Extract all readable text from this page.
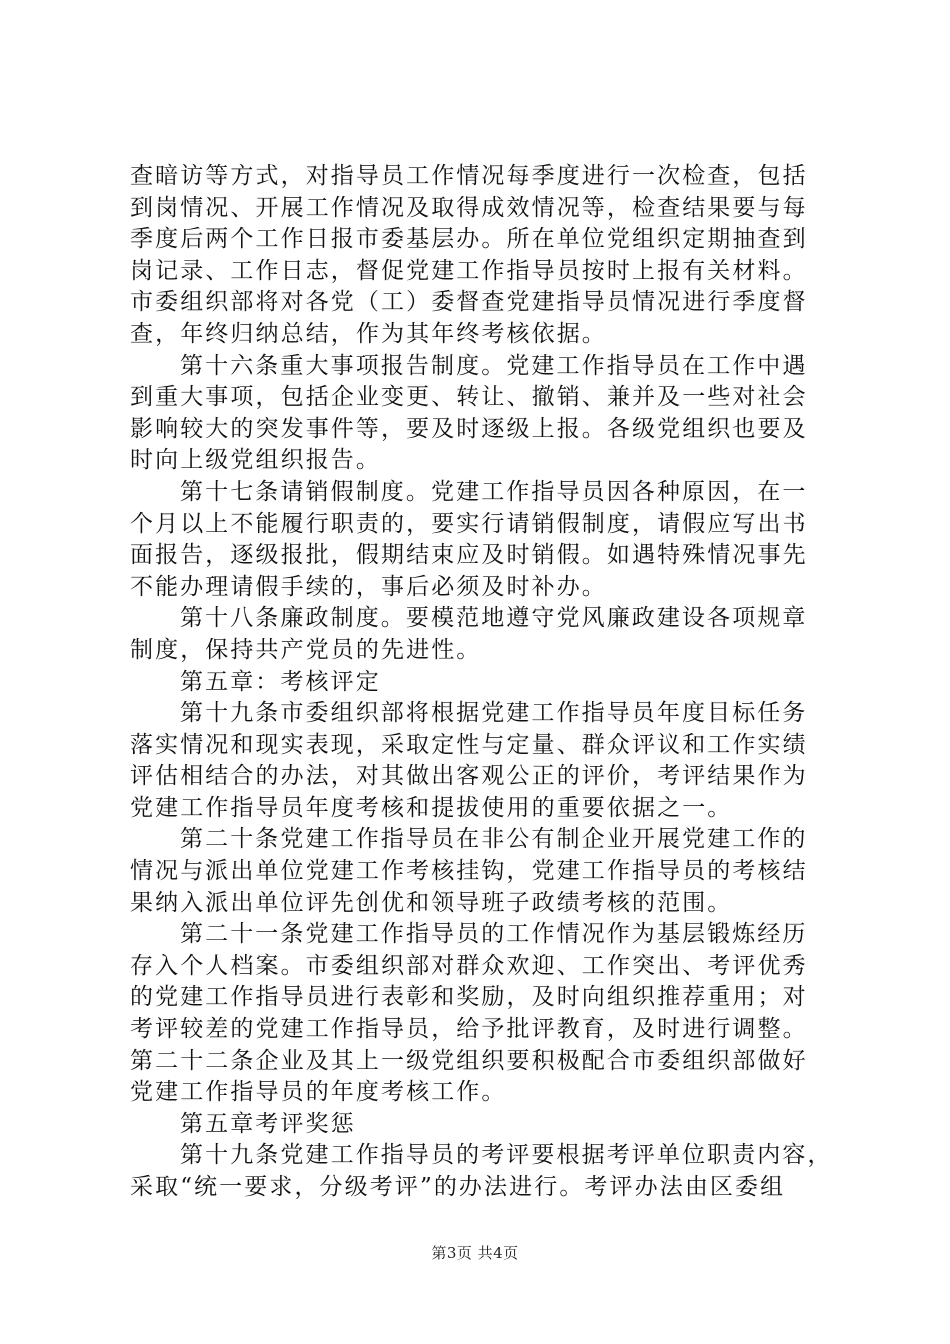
查暗访等方式，对指导员工作情况每季度进行一次检查，包括
到岗情况、开展工作情况及取得成效情况等，检查结果要与每
季度后两个工作日报市委基层办。所在单位党组织定期抽查到
岗记录、工作日志，督促党建工作指导员按时上报有关材料。
市委组织部将对各党（工）委督查党建指导员情况进行季度督
查，年终归纳总结，作为其年终考核依据。
第十六条重大事项报告制度。党建工作指导员在工作中遇
到重大事项，包括企业变更、转让、撤销、兼并及一些对社会
影响较大的突发事件等，要及时逐级上报。各级党组织也要及
时向上级党组织报告。
第十七条请销假制度。党建工作指导员因各种原因，在一
个月以上不能履行职责的，要实行请销假制度，请假应写出书
面报告，逐级报批，假期结束应及时销假。如遇特殊情况事先
不能办理请假手续的，事后必须及时补办。
第十八条廉政制度。要模范地遵守党风廉政建设各项规章
制度，保持共产党员的先进性。
第五章：考核评定
第十九条市委组织部将根据党建工作指导员年度目标任务
落实情况和现实表现，采取定性与定量、群众评议和工作实绩
评估相结合的办法，对其做出客观公正的评价，考评结果作为
党建工作指导员年度考核和提拔使用的重要依据之一。
第二十条党建工作指导员在非公有制企业开展党建工作的
情况与派出单位党建工作考核挂钩，党建工作指导员的考核结
果纳入派出单位评先创优和领导班子政绩考核的范围。
第二十一条党建工作指导员的工作情况作为基层锻炼经历
存入个人档案。市委组织部对群众欢迎、工作突出、考评优秀
的党建工作指导员进行表彰和奖励，及时向组织推荐重用；对
考评较差的党建工作指导员，给予批评教育，及时进行调整。
第二十二条企业及其上一级党组织要积极配合市委组织部做好
党建工作指导员的年度考核工作。
第五章考评奖惩
第十九条党建工作指导员的考评要根据考评单位职责内容，
采取“统一要求，分级考评”的办法进行。考评办法由区委组
第3页 共4页
